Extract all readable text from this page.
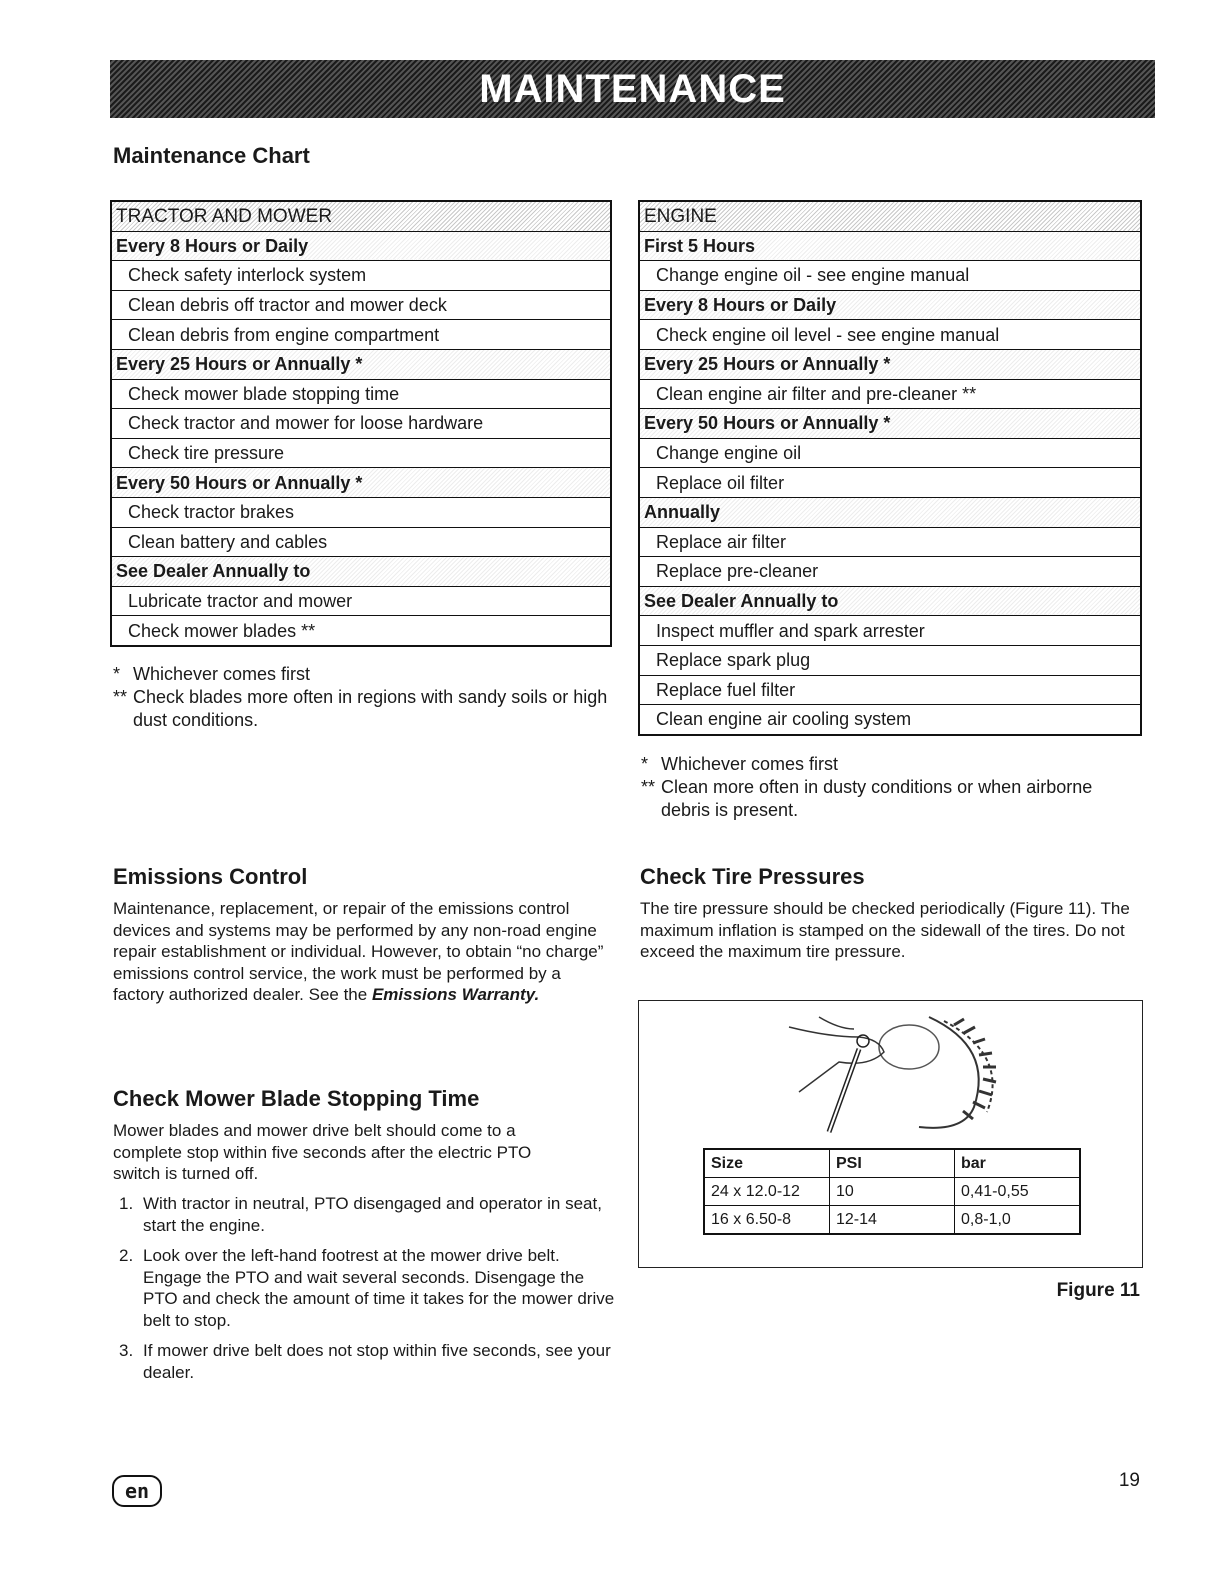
MAINTENANCE
Maintenance Chart
TRACTOR AND MOWER
Every 8 Hours or Daily
Check safety interlock system
Clean debris off tractor and mower deck
Clean debris from engine compartment
Every 25 Hours or Annually *
Check mower blade stopping time
Check tractor and mower for loose hardware
Check tire pressure
Every 50 Hours or Annually *
Check tractor brakes
Clean battery and cables
See Dealer Annually to
Lubricate tractor and mower
Check mower blades **
* Whichever comes first
** Check blades more often in regions with sandy soils or high dust conditions.
ENGINE
First 5 Hours
Change engine oil - see engine manual
Every 8 Hours or Daily
Check engine oil level - see engine manual
Every 25 Hours or Annually *
Clean engine air filter and pre-cleaner **
Every 50 Hours or Annually *
Change engine oil
Replace oil filter
Annually
Replace air filter
Replace pre-cleaner
See Dealer Annually to
Inspect muffler and spark arrester
Replace spark plug
Replace fuel filter
Clean engine air cooling system
* Whichever comes first
** Clean more often in dusty conditions or when airborne debris is present.
Emissions Control

Maintenance, replacement, or repair of the emissions control devices and systems may be performed by any non-road engine repair establishment or individual. However, to obtain “no charge” emissions control service, the work must be performed by a factory authorized dealer. See the Emissions Warranty.

Check Mower Blade Stopping Time

Mower blades and mower drive belt should come to a complete stop within five seconds after the electric PTO switch is turned off.

1. With tractor in neutral, PTO disengaged and operator in seat, start the engine.
2. Look over the left-hand footrest at the mower drive belt. Engage the PTO and wait several seconds. Disengage the PTO and check the amount of time it takes for the mower drive belt to stop.
3. If mower drive belt does not stop within five seconds, see your dealer.
Check Tire Pressures

The tire pressure should be checked periodically (Figure 11). The maximum inflation is stamped on the sidewall of the tires. Do not exceed the maximum tire pressure.

Size	PSI	bar
24 x 12.0-12	10	0,41-0,55
16 x 6.50-8	12-14	0,8-1,0

Figure 11

en	19
